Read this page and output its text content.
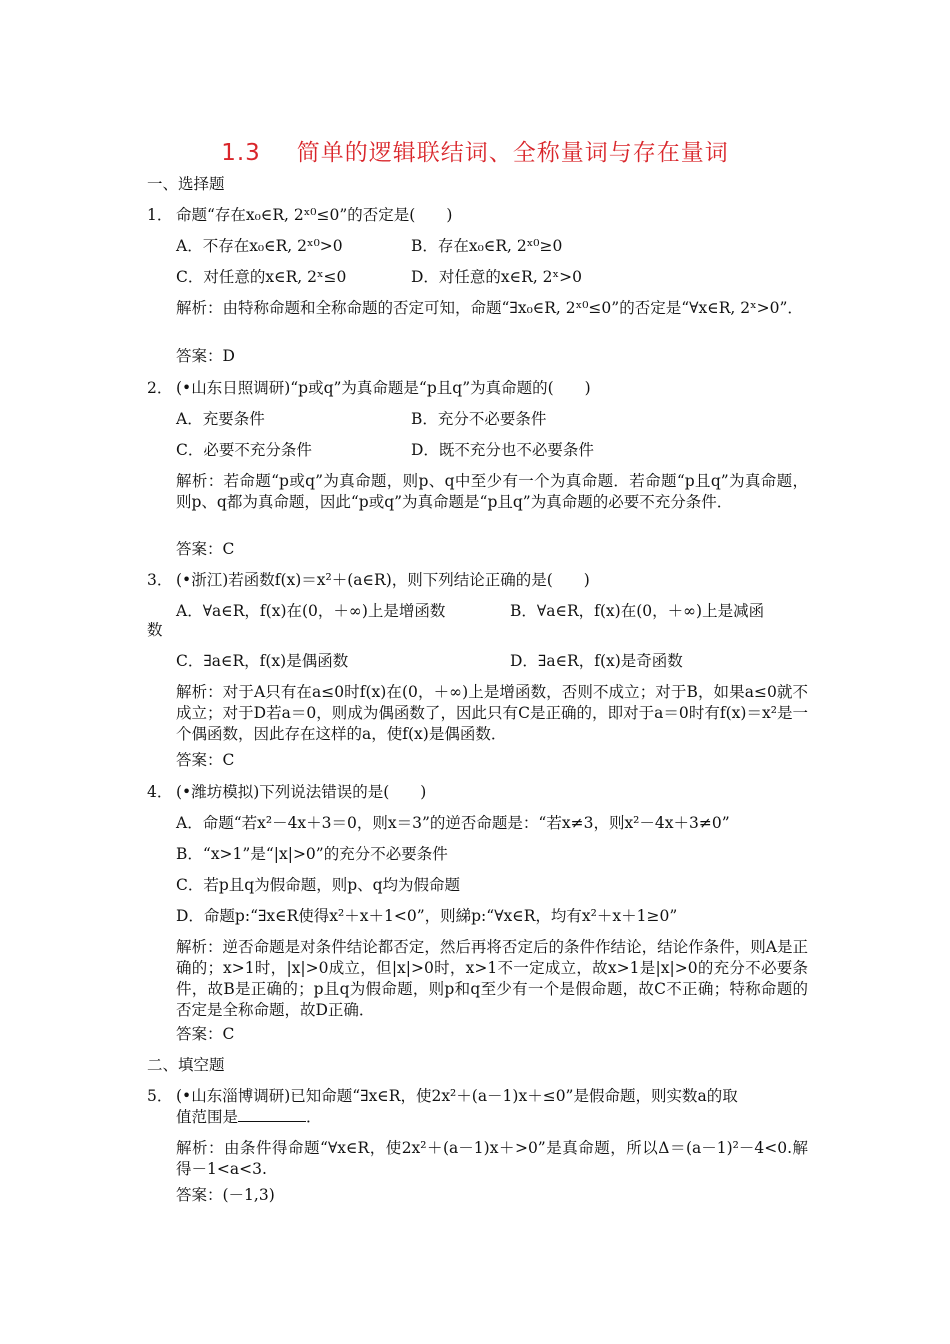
1.3 简单的逻辑联结词、全称量词与存在量词
一、选择题
1． 命题“存在x₀∈R, 2ˣ⁰≤0”的否定是(　　)
A．不存在x₀∈R, 2ˣ⁰>0	B．存在x₀∈R, 2ˣ⁰≥0
C．对任意的x∈R, 2ˣ≤0	D．对任意的x∈R, 2ˣ>0
解析：由特称命题和全称命题的否定可知，命题“∃x₀∈R, 2ˣ⁰≤0”的否定是“∀x∈R, 2ˣ>0”．
答案：D
2． (•山东日照调研)“p或q”为真命题是“p且q”为真命题的(　　)
A．充要条件	B．充分不必要条件
C．必要不充分条件	D．既不充分也不必要条件
解析：若命题“p或q”为真命题，则p、q中至少有一个为真命题．若命题“p且q”为真命题，则p、q都为真命题，因此“p或q”为真命题是“p且q”为真命题的必要不充分条件．
答案：C
3． (•浙江)若函数f(x)＝x²＋(a∈R)，则下列结论正确的是(　　)
A．∀a∈R，f(x)在(0，＋∞)上是增函数	B．∀a∈R，f(x)在(0，＋∞)上是减函
数
C．∃a∈R，f(x)是偶函数	D．∃a∈R，f(x)是奇函数
解析：对于A只有在a≤0时f(x)在(0，＋∞)上是增函数，否则不成立；对于B，如果a≤0就不成立；对于D若a＝0，则成为偶函数了，因此只有C是正确的，即对于a＝0时有f(x)＝x²是一个偶函数，因此存在这样的a，使f(x)是偶函数．
答案：C
4． (•潍坊模拟)下列说法错误的是(　　)
A．命题“若x²－4x＋3＝0，则x＝3”的逆否命题是：“若x≠3，则x²－4x＋3≠0”
B．“x>1”是“|x|>0”的充分不必要条件
C．若p且q为假命题，则p、q均为假命题
D．命题p:“∃x∈R使得x²＋x＋1<0”，则綈p:“∀x∈R，均有x²＋x＋1≥0”
解析：逆否命题是对条件结论都否定，然后再将否定后的条件作结论，结论作条件，则A是正确的；x>1时，|x|>0成立，但|x|>0时，x>1不一定成立，故x>1是|x|>0的充分不必要条件，故B是正确的；p且q为假命题，则p和q至少有一个是假命题，故C不正确；特称命题的否定是全称命题，故D正确．
答案：C
二、填空题
5． (•山东淄博调研)已知命题“∃x∈R，使2x²＋(a－1)x＋≤0”是假命题，则实数a的取
值范围是	．
解析：由条件得命题“∀x∈R，使2x²＋(a－1)x＋>0”是真命题，所以Δ＝(a－1)²－4<0.解得－1<a<3.
答案：(－1,3)
